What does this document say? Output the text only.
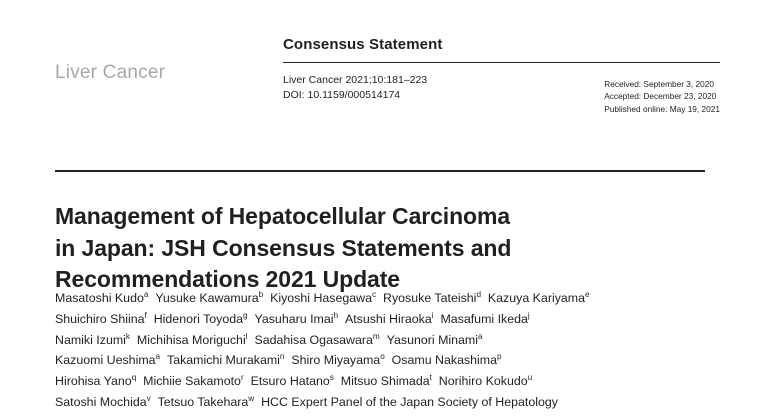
Liver Cancer
Consensus Statement
Liver Cancer 2021;10:181–223
DOI: 10.1159/000514174
Received: September 3, 2020
Accepted: December 23, 2020
Published online: May 19, 2021
Management of Hepatocellular Carcinoma
in Japan: JSH Consensus Statements and
Recommendations 2021 Update
Masatoshi Kudo$^a$ Yusuke Kawamura$^b$ Kiyoshi Hasegawa$^c$ Ryosuke Tateishi$^d$ Kazuya Kariyama$^e$
Shuichiro Shiina$^f$ Hidenori Toyoda$^g$ Yasuharu Imai$^h$ Atsushi Hiraoka$^i$ Masafumi Ikeda$^j$
Namiki Izumi$^k$ Michihisa Moriguchi$^l$ Sadahisa Ogasawara$^m$ Yasunori Minami$^a$
Kazuomi Ueshima$^a$ Takamichi Murakami$^n$ Shiro Miyayama$^o$ Osamu Nakashima$^p$
Hirohisa Yano$^q$ Michiie Sakamoto$^r$ Etsuro Hatano$^s$ Mitsuo Shimada$^t$ Norihiro Kokudo$^u$
Satoshi Mochida$^v$ Tetsuo Takehara$^w$ HCC Expert Panel of the Japan Society of Hepatology
